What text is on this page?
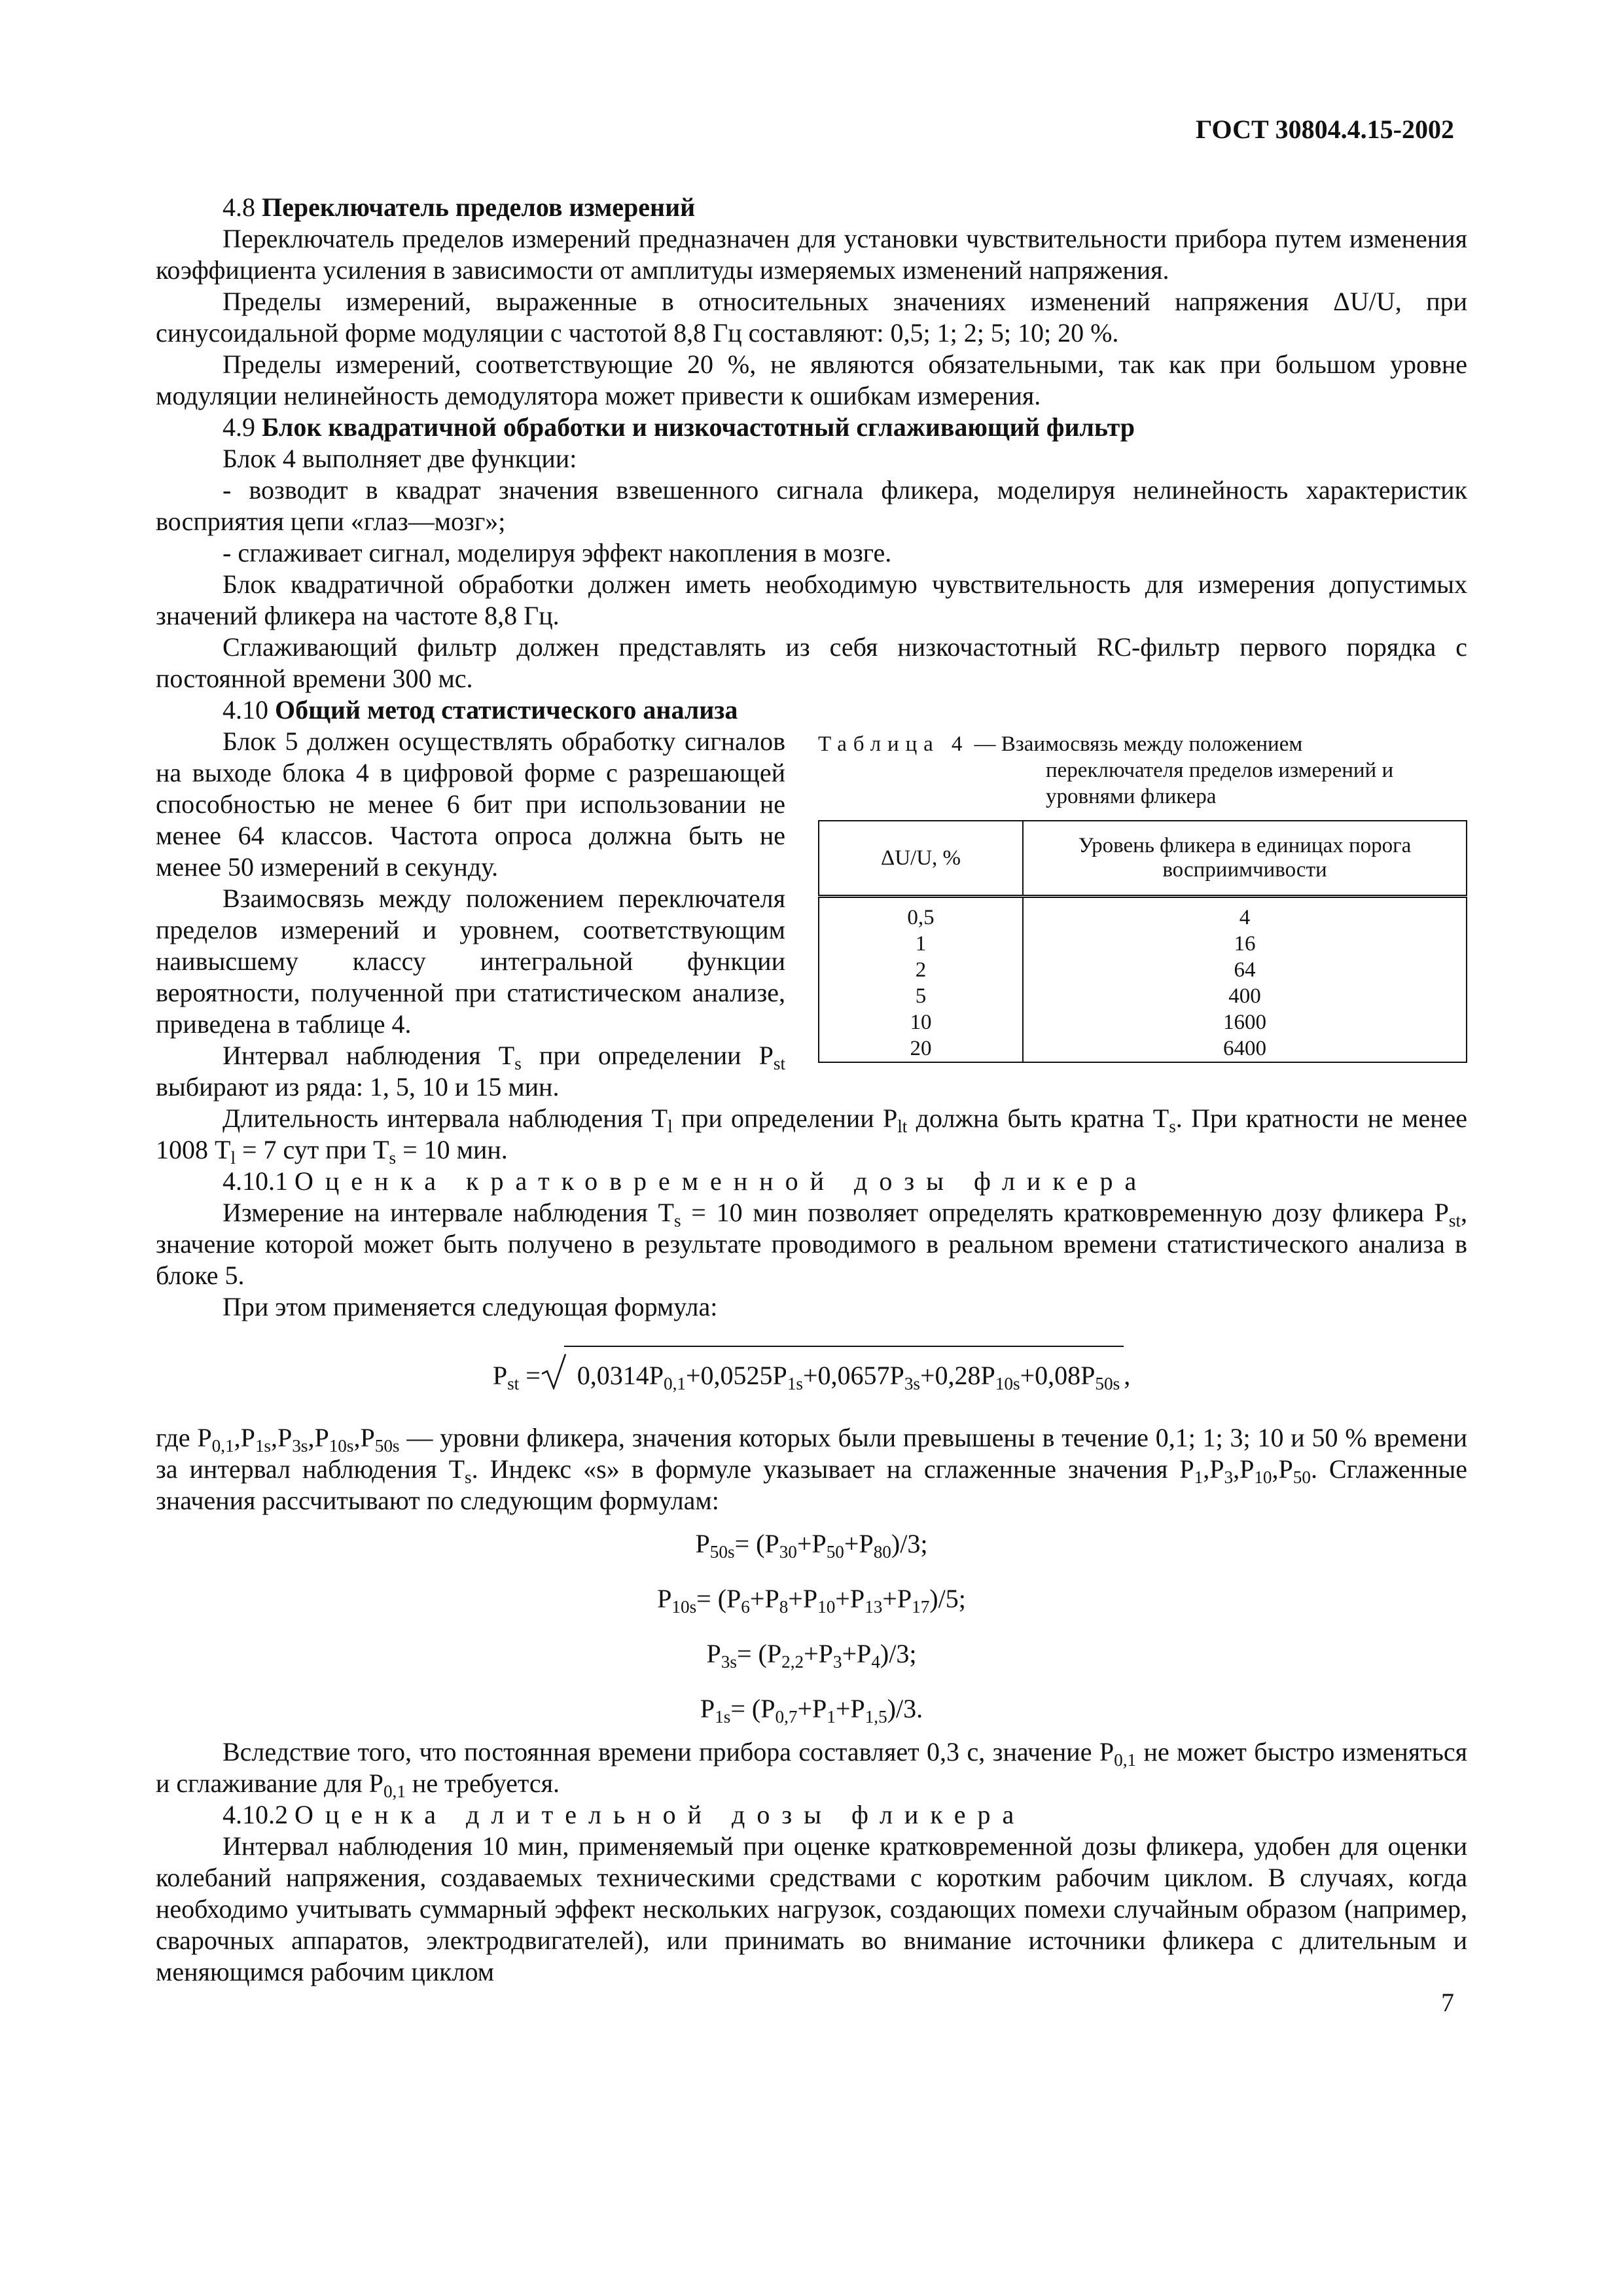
ГОСТ 30804.4.15-2002

4.8 Переключатель пределов измерений

Переключатель пределов измерений предназначен для установки чувствительности прибора путем изменения коэффициента усиления в зависимости от амплитуды измеряемых изменений напряжения.

Пределы измерений, выраженные в относительных значениях изменений напряжения ΔU/U, при синусоидальной форме модуляции с частотой 8,8 Гц составляют: 0,5; 1; 2; 5; 10; 20 %.

Пределы измерений, соответствующие 20 %, не являются обязательными, так как при большом уровне модуляции нелинейность демодулятора может привести к ошибкам измерения.

4.9 Блок квадратичной обработки и низкочастотный сглаживающий фильтр

Блок 4 выполняет две функции:

- возводит в квадрат значения взвешенного сигнала фликера, моделируя нелинейность характеристик восприятия цепи «глаз—мозг»;

- сглаживает сигнал, моделируя эффект накопления в мозге.

Блок квадратичной обработки должен иметь необходимую чувствительность для измерения допустимых значений фликера на частоте 8,8 Гц.

Сглаживающий фильтр должен представлять из себя низкочастотный RC-фильтр первого порядка с постоянной времени 300 мс.

4.10 Общий метод статистического анализа

Таблица 4 — Взаимосвязь между положением
переключателя пределов измерений и уровнями фликера
ΔU/U, %	Уровень фликера в единицах порога восприимчивости
0,5	4
1	16
2	64
5	400
10	1600
20	6400

Блок 5 должен осуществлять обработку сигналов на выходе блока 4 в цифровой форме с разрешающей способностью не менее 6 бит при использовании не менее 64 классов. Частота опроса должна быть не менее 50 измерений в секунду.

Взаимосвязь между положением переключателя пределов измерений и уровнем, соответствующим наивысшему классу интегральной функции вероятности, полученной при статистическом анализе, приведена в таблице 4.

Интервал наблюдения $T_s$ при определении $P_{st}$ выбирают из ряда: 1, 5, 10 и 15 мин.

Длительность интервала наблюдения $T_l$ при определении $P_{lt}$ должна быть кратна $T_s$. При кратности не менее 1008 $T_l = 7$ сут при $T_s = 10$ мин.

4.10.1 Оценка кратковременной дозы фликера

Измерение на интервале наблюдения $T_s = 10$ мин позволяет определять кратковременную дозу фликера $P_{st}$, значение которой может быть получено в результате проводимого в реальном времени статистического анализа в блоке 5.

При этом применяется следующая формула:

$P_{st} = 0,0314P_{0,1}+0,0525P_{1s}+0,0657P_{3s}+0,28P_{10s}+0,08P_{50s}$ ,

где $P_{0,1},P_{1s},P_{3s},P_{10s},P_{50s}$ — уровни фликера, значения которых были превышены в течение 0,1; 1; 3; 10 и 50 % времени за интервал наблюдения $T_s$. Индекс «s» в формуле указывает на сглаженные значения $P_1,P_3,P_{10},P_{50}$. Сглаженные значения рассчитывают по следующим формулам:

$P_{50s}= (P_{30}+P_{50}+P_{80})/3$;
$P_{10s}= (P_6+P_8+P_{10}+P_{13}+P_{17})/5$;
$P_{3s}= (P_{2,2}+P_3+P_4)/3$;
$P_{1s}= (P_{0,7}+P_1+P_{1,5})/3$.

Вследствие того, что постоянная времени прибора составляет 0,3 с, значение $P_{0,1}$ не может быстро изменяться и сглаживание для $P_{0,1}$ не требуется.

4.10.2 Оценка длительной дозы фликера

Интервал наблюдения 10 мин, применяемый при оценке кратковременной дозы фликера, удобен для оценки колебаний напряжения, создаваемых техническими средствами с коротким рабочим циклом. В случаях, когда необходимо учитывать суммарный эффект нескольких нагрузок, создающих помехи случайным образом (например, сварочных аппаратов, электродвигателей), или принимать во внимание источники фликера с длительным и меняющимся рабочим циклом

7
